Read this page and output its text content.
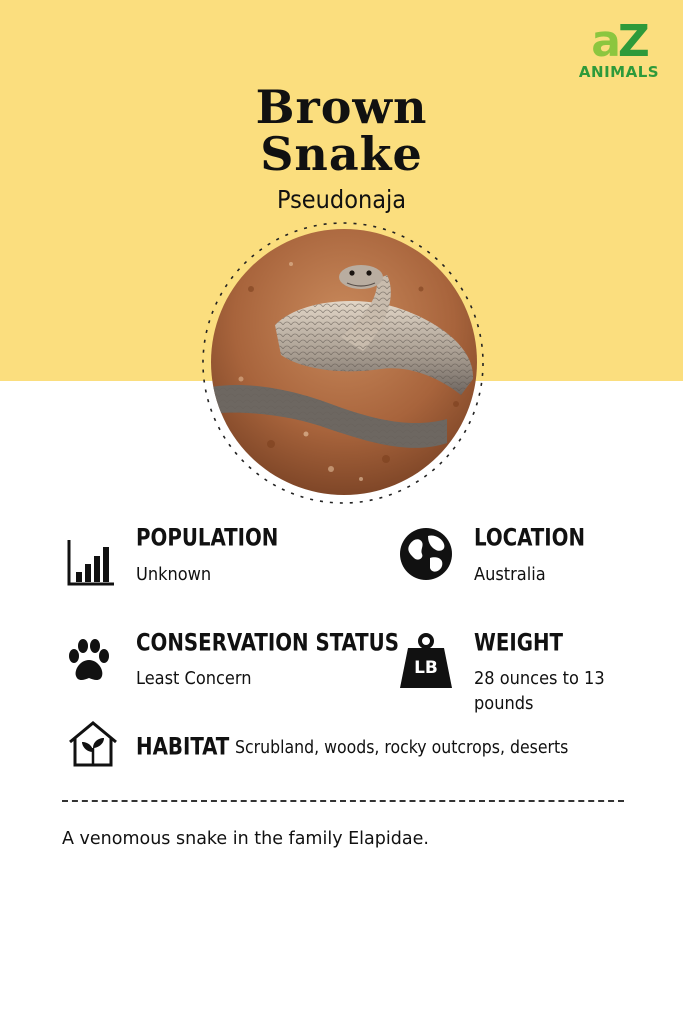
aZ
ANIMALS
Brown
Snake
Pseudonaja
POPULATION
Unknown
LOCATION
Australia
CONSERVATION STATUS
Least Concern	LB
WEIGHT
28 ounces to 13
pounds
HABITAT Scrubland, woods, rocky outcrops, deserts
A venomous snake in the family Elapidae.
